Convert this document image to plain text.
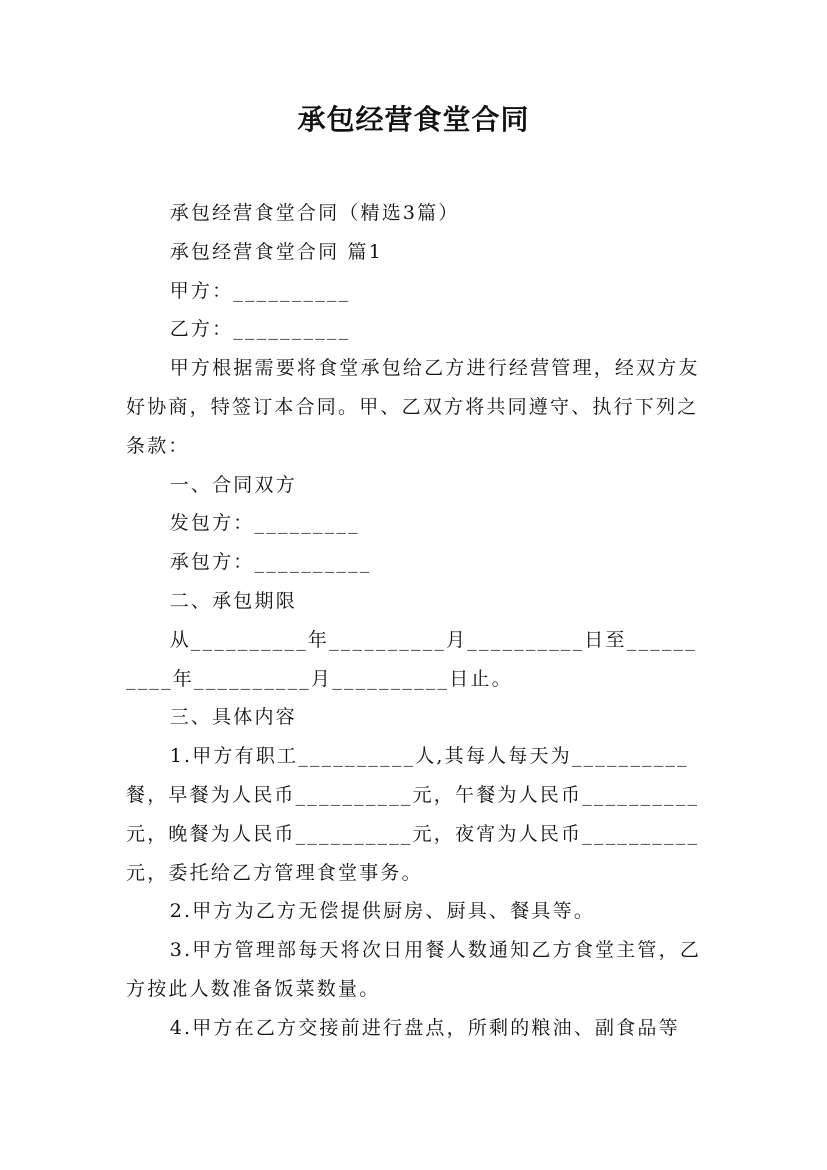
承包经营食堂合同

承包经营食堂合同（精选3篇）

承包经营食堂合同 篇1

甲方：__________

乙方：__________

甲方根据需要将食堂承包给乙方进行经营管理，经双方友好协商，特签订本合同。甲、乙双方将共同遵守、执行下列之条款：

一、合同双方

发包方：_________

承包方：__________

二、承包期限

从__________年__________月__________日至__________年__________月__________日止。

三、具体内容

1.甲方有职工__________人,其每人每天为__________餐，早餐为人民币__________元，午餐为人民币__________元，晚餐为人民币__________元，夜宵为人民币__________元，委托给乙方管理食堂事务。

2.甲方为乙方无偿提供厨房、厨具、餐具等。

3.甲方管理部每天将次日用餐人数通知乙方食堂主管，乙方按此人数准备饭菜数量。

4.甲方在乙方交接前进行盘点，所剩的粮油、副食品等
